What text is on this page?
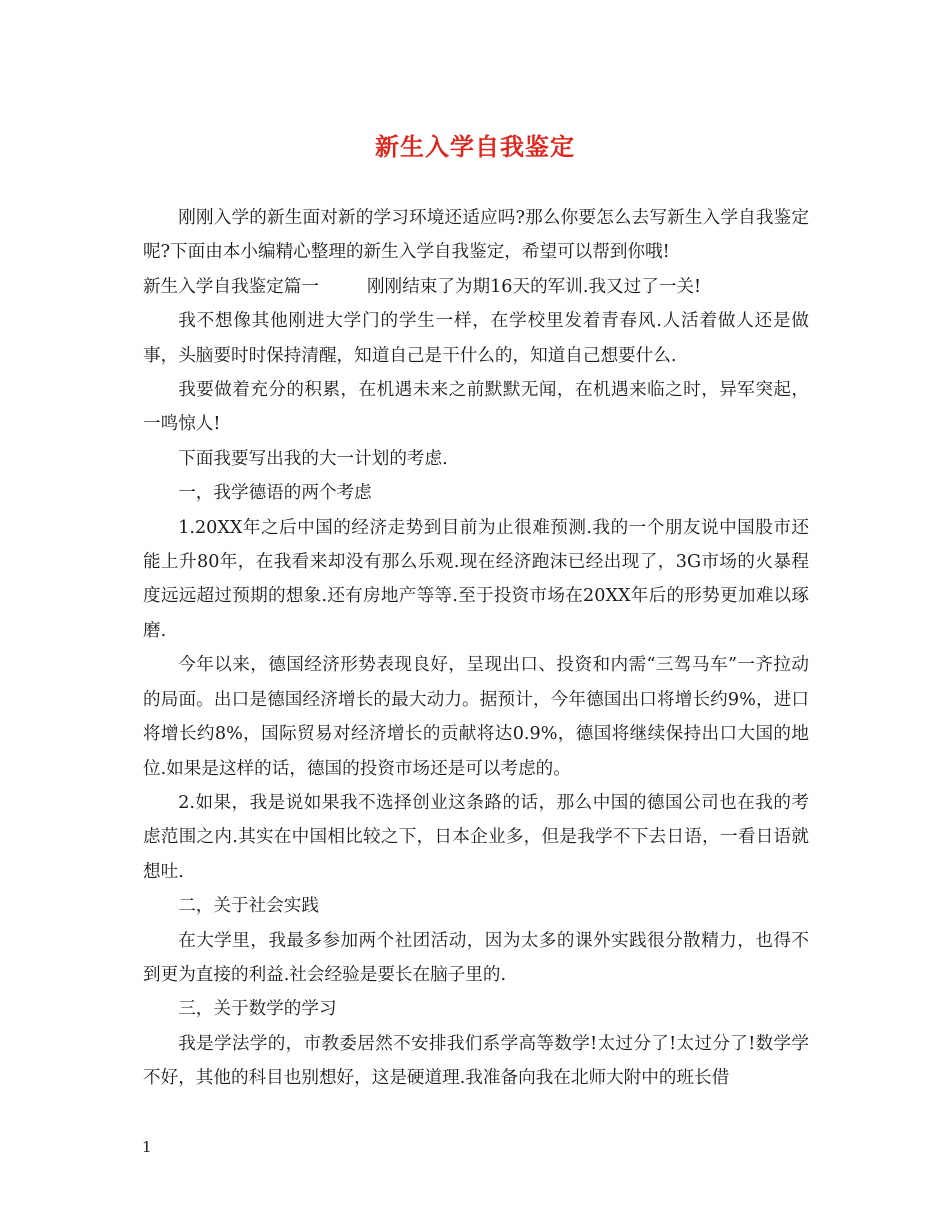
新生入学自我鉴定

刚刚入学的新生面对新的学习环境还适应吗?那么你要怎么去写新生入学自我鉴定呢?下面由本小编精心整理的新生入学自我鉴定，希望可以帮到你哦!

新生入学自我鉴定篇一	刚刚结束了为期16天的军训.我又过了一关!

我不想像其他刚进大学门的学生一样，在学校里发着青春风.人活着做人还是做事，头脑要时时保持清醒，知道自己是干什么的，知道自己想要什么.

我要做着充分的积累，在机遇未来之前默默无闻，在机遇来临之时，异军突起，一鸣惊人!

下面我要写出我的大一计划的考虑.

一，我学德语的两个考虑

1.20XX年之后中国的经济走势到目前为止很难预测.我的一个朋友说中国股市还能上升80年，在我看来却没有那么乐观.现在经济跑沫已经出现了，3G市场的火暴程度远远超过预期的想象.还有房地产等等.至于投资市场在20XX年后的形势更加难以琢磨.

今年以来，德国经济形势表现良好，呈现出口、投资和内需“三驾马车”一齐拉动的局面。出口是德国经济增长的最大动力。据预计，今年德国出口将增长约9%，进口将增长约8%，国际贸易对经济增长的贡献将达0.9%，德国将继续保持出口大国的地位.如果是这样的话，德国的投资市场还是可以考虑的。

2.如果，我是说如果我不选择创业这条路的话，那么中国的德国公司也在我的考虑范围之内.其实在中国相比较之下，日本企业多，但是我学不下去日语，一看日语就想吐.

二，关于社会实践

在大学里，我最多参加两个社团活动，因为太多的课外实践很分散精力，也得不到更为直接的利益.社会经验是要长在脑子里的.

三，关于数学的学习

我是学法学的，市教委居然不安排我们系学高等数学!太过分了!太过分了!数学学不好，其他的科目也别想好，这是硬道理.我准备向我在北师大附中的班长借

1
